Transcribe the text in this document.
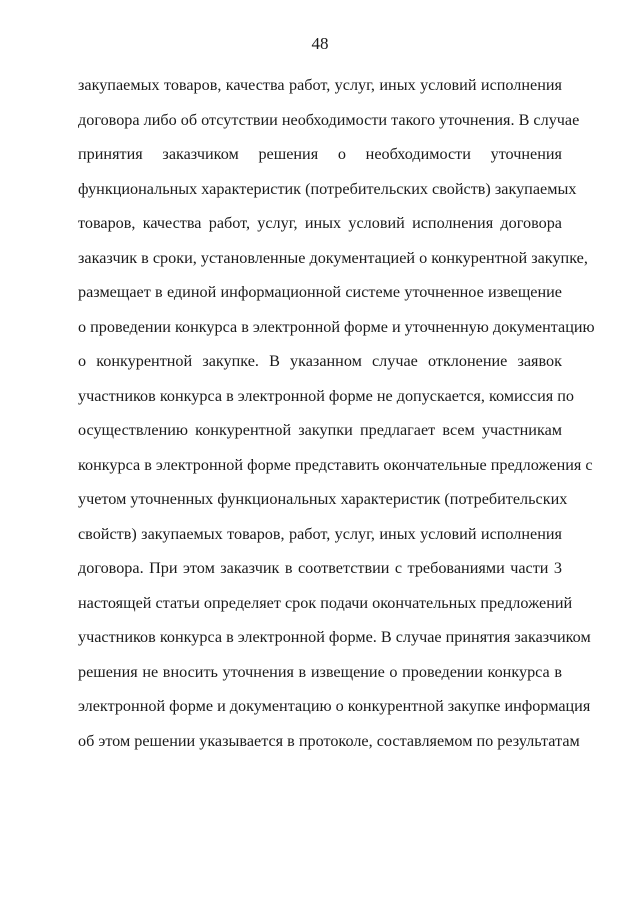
48
закупаемых товаров, качества работ, услуг, иных условий исполнения
договора либо об отсутствии необходимости такого уточнения. В случае
принятия заказчиком решения о необходимости уточнения
функциональных характеристик (потребительских свойств) закупаемых
товаров, качества работ, услуг, иных условий исполнения договора
заказчик в сроки, установленные документацией о конкурентной закупке,
размещает в единой информационной системе уточненное извещение
о проведении конкурса в электронной форме и уточненную документацию
о конкурентной закупке. В указанном случае отклонение заявок
участников конкурса в электронной форме не допускается, комиссия по
осуществлению конкурентной закупки предлагает всем участникам
конкурса в электронной форме представить окончательные предложения с
учетом уточненных функциональных характеристик (потребительских
свойств) закупаемых товаров, работ, услуг, иных условий исполнения
договора. При этом заказчик в соответствии с требованиями части 3
настоящей статьи определяет срок подачи окончательных предложений
участников конкурса в электронной форме. В случае принятия заказчиком
решения не вносить уточнения в извещение о проведении конкурса в
электронной форме и документацию о конкурентной закупке информация
об этом решении указывается в протоколе, составляемом по результатам
